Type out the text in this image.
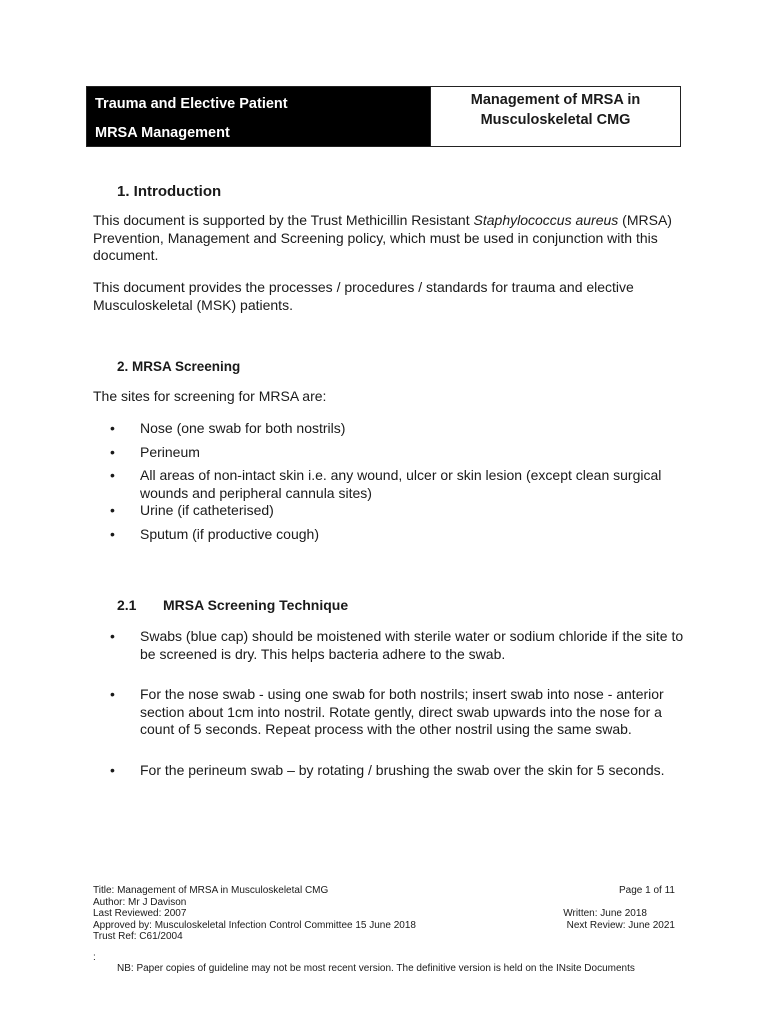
Trauma and Elective Patient
MRSA Management
Management of MRSA in
Musculoskeletal CMG
1. Introduction

This document is supported by the Trust Methicillin Resistant Staphylococcus aureus (MRSA) Prevention, Management and Screening policy, which must be used in conjunction with this document.

This document provides the processes / procedures / standards for trauma and elective Musculoskeletal (MSK) patients.

2. MRSA Screening

The sites for screening for MRSA are:

• Nose (one swab for both nostrils)
• Perineum
• All areas of non-intact skin i.e. any wound, ulcer or skin lesion (except clean surgical wounds and peripheral cannula sites)
• Urine (if catheterised)
• Sputum (if productive cough)
2.1 MRSA Screening Technique
• Swabs (blue cap) should be moistened with sterile water or sodium chloride if the site to be screened is dry. This helps bacteria adhere to the swab.
• For the nose swab - using one swab for both nostrils; insert swab into nose - anterior section about 1cm into nostril. Rotate gently, direct swab upwards into the nose for a count of 5 seconds. Repeat process with the other nostril using the same swab.
• For the perineum swab – by rotating / brushing the swab over the skin for 5 seconds.
Title: Management of MRSA in Musculoskeletal CMG	Page 1 of 11
Author: Mr J Davison
Last Reviewed: 2007	Written: June 2018
Approved by: Musculoskeletal Infection Control Committee 15 June 2018	Next Review: June 2021
Trust Ref: C61/2004
:
NB: Paper copies of guideline may not be most recent version. The definitive version is held on the INsite Documents
